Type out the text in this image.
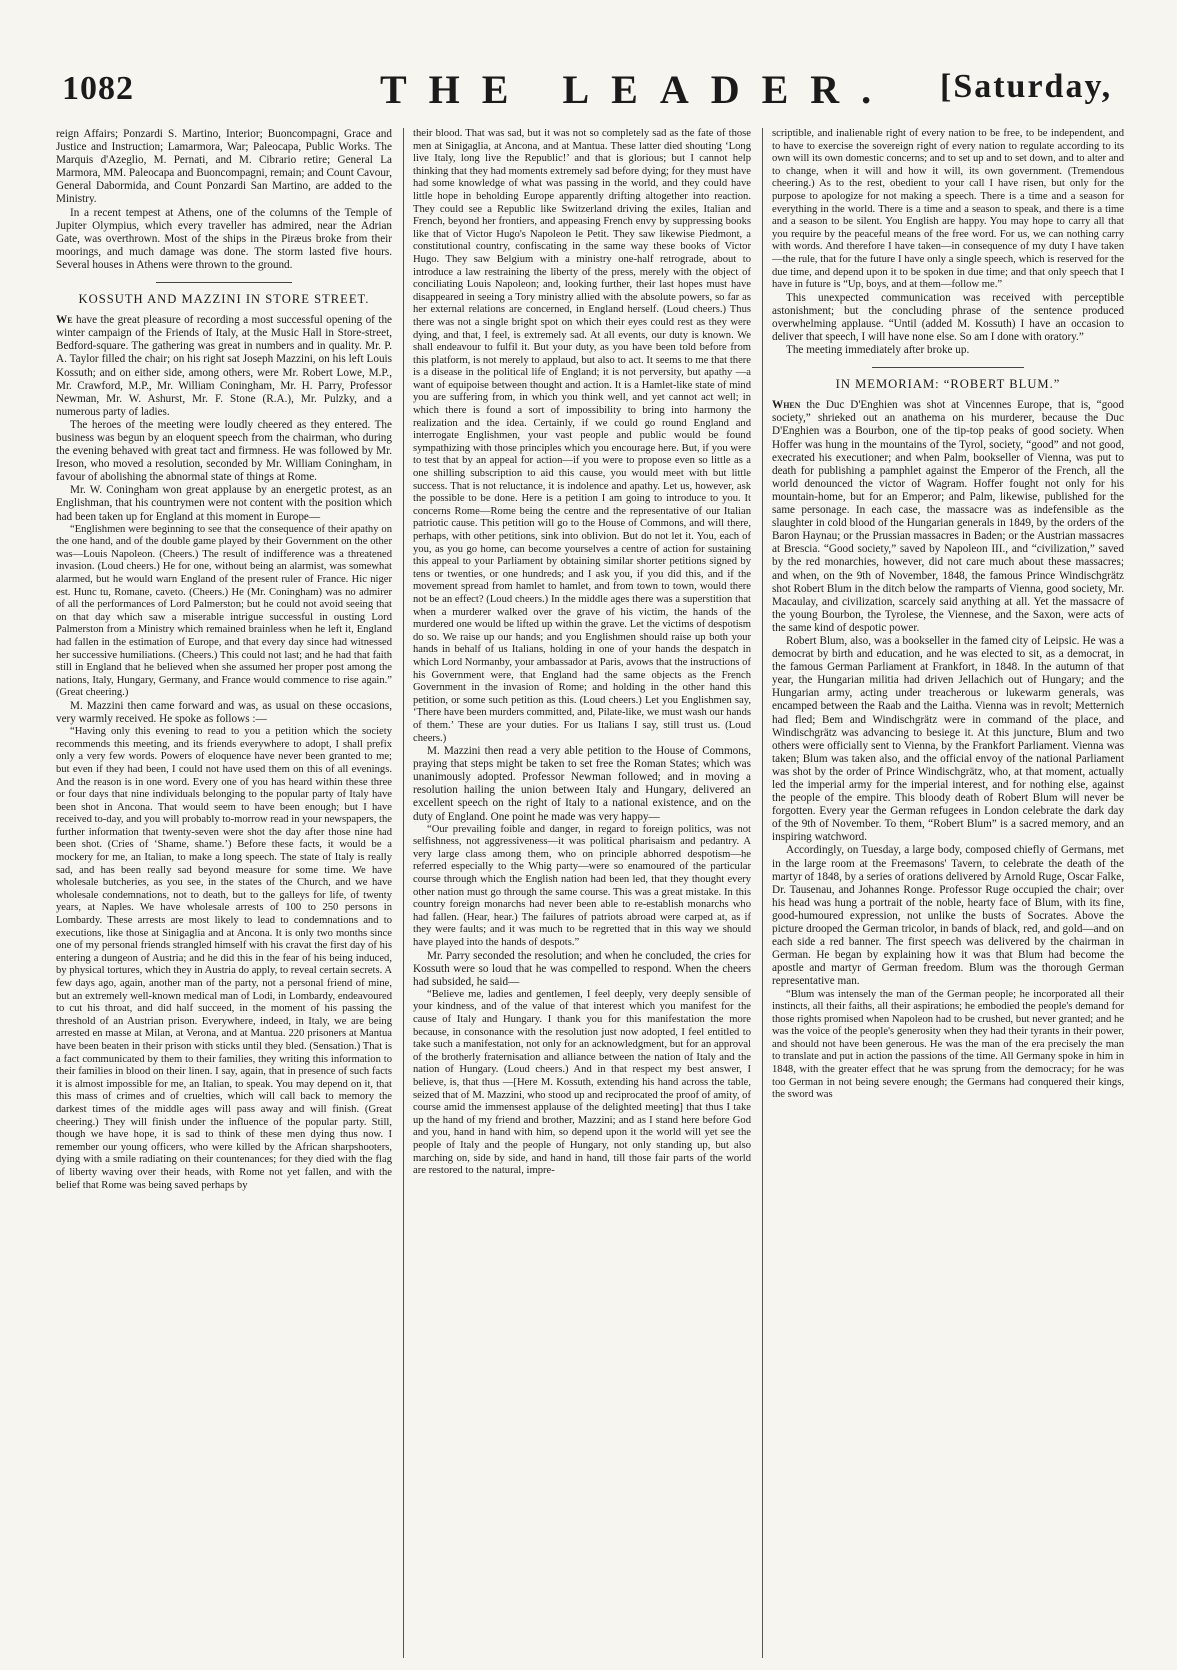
1082	THE LEADER. [Saturday,

reign Affairs; Ponzardi S. Martino, Interior; Buoncompagni, Grace and Justice and Instruction; Lamarmora, War; Paleocapa, Public Works. The Marquis d'Azeglio, M. Pernati, and M. Cibrario retire; General La Marmora, MM. Paleocapa and Buoncompagni, remain; and Count Cavour, General Dabormida, and Count Ponzardi San Martino, are added to the Ministry.

In a recent tempest at Athens, one of the columns of the Temple of Jupiter Olympius, which every traveller has admired, near the Adrian Gate, was overthrown. Most of the ships in the Piræus broke from their moorings, and much damage was done. The storm lasted five hours. Several houses in Athens were thrown to the ground.

KOSSUTH AND MAZZINI IN STORE STREET.

We have the great pleasure of recording a most successful opening of the winter campaign of the Friends of Italy, at the Music Hall in Store-street, Bedford-square. The gathering was great in numbers and in quality. Mr. P. A. Taylor filled the chair; on his right sat Joseph Mazzini, on his left Louis Kossuth; and on either side, among others, were Mr. Robert Lowe, M.P., Mr. Crawford, M.P., Mr. William Coningham, Mr. H. Parry, Professor Newman, Mr. W. Ashurst, Mr. F. Stone (R.A.), Mr. Pulzky, and a numerous party of ladies.

The heroes of the meeting were loudly cheered as they entered. The business was begun by an eloquent speech from the chairman, who during the evening behaved with great tact and firmness. He was followed by Mr. Ireson, who moved a resolution, seconded by Mr. William Coningham, in favour of abolishing the abnormal state of things at Rome.

Mr. W. Coningham won great applause by an energetic protest, as an Englishman, that his countrymen were not content with the position which had been taken up for England at this moment in Europe—

“Englishmen were beginning to see that the consequence of their apathy on the one hand, and of the double game played by their Government on the other was—Louis Napoleon. (Cheers.) The result of indifference was a threatened invasion. (Loud cheers.) He for one, without being an alarmist, was somewhat alarmed, but he would warn England of the present ruler of France. Hic niger est. Hunc tu, Romane, caveto. (Cheers.) He (Mr. Coningham) was no admirer of all the performances of Lord Palmerston; but he could not avoid seeing that on that day which saw a miserable intrigue successful in ousting Lord Palmerston from a Ministry which remained brainless when he left it, England had fallen in the estimation of Europe, and that every day since had witnessed her successive humiliations. (Cheers.) This could not last; and he had that faith still in England that he believed when she assumed her proper post among the nations, Italy, Hungary, Germany, and France would commence to rise again.” (Great cheering.)

M. Mazzini then came forward and was, as usual on these occasions, very warmly received. He spoke as follows :—

“Having only this evening to read to you a petition which the society recommends this meeting, and its friends everywhere to adopt, I shall prefix only a very few words. Powers of eloquence have never been granted to me; but even if they had been, I could not have used them on this of all evenings. And the reason is in one word. Every one of you has heard within these three or four days that nine individuals belonging to the popular party of Italy have been shot in Ancona. That would seem to have been enough; but I have received to-day, and you will probably to-morrow read in your newspapers, the further information that twenty-seven were shot the day after those nine had been shot. (Cries of ‘Shame, shame.’) Before these facts, it would be a mockery for me, an Italian, to make a long speech. The state of Italy is really sad, and has been really sad beyond measure for some time. We have wholesale butcheries, as you see, in the states of the Church, and we have wholesale condemnations, not to death, but to the galleys for life, of twenty years, at Naples. We have wholesale arrests of 100 to 250 persons in Lombardy. These arrests are most likely to lead to condemnations and to executions, like those at Sinigaglia and at Ancona. It is only two months since one of my personal friends strangled himself with his cravat the first day of his entering a dungeon of Austria; and he did this in the fear of his being induced, by physical tortures, which they in Austria do apply, to reveal certain secrets. A few days ago, again, another man of the party, not a personal friend of mine, but an extremely well-known medical man of Lodi, in Lombardy, endeavoured to cut his throat, and did half succeed, in the moment of his passing the threshold of an Austrian prison. Everywhere, indeed, in Italy, we are being arrested en masse at Milan, at Verona, and at Mantua. 220 prisoners at Mantua have been beaten in their prison with sticks until they bled. (Sensation.) That is a fact communicated by them to their families, they writing this information to their families in blood on their linen. I say, again, that in presence of such facts it is almost impossible for me, an Italian, to speak. You may depend on it, that this mass of crimes and of cruelties, which will call back to memory the darkest times of the middle ages will pass away and will finish. (Great cheering.) They will finish under the influence of the popular party. Still, though we have hope, it is sad to think of these men dying thus now. I remember our young officers, who were killed by the African sharpshooters, dying with a smile radiating on their countenances; for they died with the flag of liberty waving over their heads, with Rome not yet fallen, and with the belief that Rome was being saved perhaps by

their blood. That was sad, but it was not so completely sad as the fate of those men at Sinigaglia, at Ancona, and at Mantua. These latter died shouting ‘Long live Italy, long live the Republic!’ and that is glorious; but I cannot help thinking that they had moments extremely sad before dying; for they must have had some knowledge of what was passing in the world, and they could have little hope in beholding Europe apparently drifting altogether into reaction. They could see a Republic like Switzerland driving the exiles, Italian and French, beyond her frontiers, and appeasing French envy by suppressing books like that of Victor Hugo's Napoleon le Petit. They saw likewise Piedmont, a constitutional country, confiscating in the same way these books of Victor Hugo. They saw Belgium with a ministry one-half retrograde, about to introduce a law restraining the liberty of the press, merely with the object of conciliating Louis Napoleon; and, looking further, their last hopes must have disappeared in seeing a Tory ministry allied with the absolute powers, so far as her external relations are concerned, in England herself. (Loud cheers.) Thus there was not a single bright spot on which their eyes could rest as they were dying, and that, I feel, is extremely sad. At all events, our duty is known. We shall endeavour to fulfil it. But your duty, as you have been told before from this platform, is not merely to applaud, but also to act. It seems to me that there is a disease in the political life of England; it is not perversity, but apathy —a want of equipoise between thought and action. It is a Hamlet-like state of mind you are suffering from, in which you think well, and yet cannot act well; in which there is found a sort of impossibility to bring into harmony the realization and the idea. Certainly, if we could go round England and interrogate Englishmen, your vast people and public would be found sympathizing with those principles which you encourage here. But, if you were to test that by an appeal for action—if you were to propose even so little as a one shilling subscription to aid this cause, you would meet with but little success. That is not reluctance, it is indolence and apathy. Let us, however, ask the possible to be done. Here is a petition I am going to introduce to you. It concerns Rome—Rome being the centre and the representative of our Italian patriotic cause. This petition will go to the House of Commons, and will there, perhaps, with other petitions, sink into oblivion. But do not let it. You, each of you, as you go home, can become yourselves a centre of action for sustaining this appeal to your Parliament by obtaining similar shorter petitions signed by tens or twenties, or one hundreds; and I ask you, if you did this, and if the movement spread from hamlet to hamlet, and from town to town, would there not be an effect? (Loud cheers.) In the middle ages there was a superstition that when a murderer walked over the grave of his victim, the hands of the murdered one would be lifted up within the grave. Let the victims of despotism do so. We raise up our hands; and you Englishmen should raise up both your hands in behalf of us Italians, holding in one of your hands the despatch in which Lord Normanby, your ambassador at Paris, avows that the instructions of his Government were, that England had the same objects as the French Government in the invasion of Rome; and holding in the other hand this petition, or some such petition as this. (Loud cheers.) Let you Englishmen say, ‘There have been murders committed, and, Pilate-like, we must wash our hands of them.’ These are your duties. For us Italians I say, still trust us. (Loud cheers.)

M. Mazzini then read a very able petition to the House of Commons, praying that steps might be taken to set free the Roman States; which was unanimously adopted. Professor Newman followed; and in moving a resolution hailing the union between Italy and Hungary, delivered an excellent speech on the right of Italy to a national existence, and on the duty of England. One point he made was very happy—

“Our prevailing foible and danger, in regard to foreign politics, was not selfishness, not aggressiveness—it was political pharisaism and pedantry. A very large class among them, who on principle abhorred despotism—he referred especially to the Whig party—were so enamoured of the particular course through which the English nation had been led, that they thought every other nation must go through the same course. This was a great mistake. In this country foreign monarchs had never been able to re-establish monarchs who had fallen. (Hear, hear.) The failures of patriots abroad were carped at, as if they were faults; and it was much to be regretted that in this way we should have played into the hands of despots.”

Mr. Parry seconded the resolution; and when he concluded, the cries for Kossuth were so loud that he was compelled to respond. When the cheers had subsided, he said—

“Believe me, ladies and gentlemen, I feel deeply, very deeply sensible of your kindness, and of the value of that interest which you manifest for the cause of Italy and Hungary. I thank you for this manifestation the more because, in consonance with the resolution just now adopted, I feel entitled to take such a manifestation, not only for an acknowledgment, but for an approval of the brotherly fraternisation and alliance between the nation of Italy and the nation of Hungary. (Loud cheers.) And in that respect my best answer, I believe, is, that thus —[Here M. Kossuth, extending his hand across the table, seized that of M. Mazzini, who stood up and reciprocated the proof of amity, of course amid the immensest applause of the delighted meeting] that thus I take up the hand of my friend and brother, Mazzini; and as I stand here before God and you, hand in hand with him, so depend upon it the world will yet see the people of Italy and the people of Hungary, not only standing up, but also marching on, side by side, and hand in hand, till those fair parts of the world are restored to the natural, impre-

scriptible, and inalienable right of every nation to be free, to be independent, and to have to exercise the sovereign right of every nation to regulate according to its own will its own domestic concerns; and to set up and to set down, and to alter and to change, when it will and how it will, its own government. (Tremendous cheering.) As to the rest, obedient to your call I have risen, but only for the purpose to apologize for not making a speech. There is a time and a season for everything in the world. There is a time and a season to speak, and there is a time and a season to be silent. You English are happy. You may hope to carry all that you require by the peaceful means of the free word. For us, we can nothing carry with words. And therefore I have taken—in consequence of my duty I have taken—the rule, that for the future I have only a single speech, which is reserved for the due time, and depend upon it to be spoken in due time; and that only speech that I have in future is “Up, boys, and at them—follow me.”

This unexpected communication was received with perceptible astonishment; but the concluding phrase of the sentence produced overwhelming applause. “Until (added M. Kossuth) I have an occasion to deliver that speech, I will have none else. So am I done with oratory.”

The meeting immediately after broke up.

IN MEMORIAM: “ROBERT BLUM.”

When the Duc D'Enghien was shot at Vincennes Europe, that is, “good society,” shrieked out an anathema on his murderer, because the Duc D'Enghien was a Bourbon, one of the tip-top peaks of good society. When Hoffer was hung in the mountains of the Tyrol, society, “good” and not good, execrated his executioner; and when Palm, bookseller of Vienna, was put to death for publishing a pamphlet against the Emperor of the French, all the world denounced the victor of Wagram. Hoffer fought not only for his mountain-home, but for an Emperor; and Palm, likewise, published for the same personage. In each case, the massacre was as indefensible as the slaughter in cold blood of the Hungarian generals in 1849, by the orders of the Baron Haynau; or the Prussian massacres in Baden; or the Austrian massacres at Brescia. “Good society,” saved by Napoleon III., and “civilization,” saved by the red monarchies, however, did not care much about these massacres; and when, on the 9th of November, 1848, the famous Prince Windischgrätz shot Robert Blum in the ditch below the ramparts of Vienna, good society, Mr. Macaulay, and civilization, scarcely said anything at all. Yet the massacre of the young Bourbon, the Tyrolese, the Viennese, and the Saxon, were acts of the same kind of despotic power.

Robert Blum, also, was a bookseller in the famed city of Leipsic. He was a democrat by birth and education, and he was elected to sit, as a democrat, in the famous German Parliament at Frankfort, in 1848. In the autumn of that year, the Hungarian militia had driven Jellachich out of Hungary; and the Hungarian army, acting under treacherous or lukewarm generals, was encamped between the Raab and the Laitha. Vienna was in revolt; Metternich had fled; Bem and Windischgrätz were in command of the place, and Windischgrätz was advancing to besiege it. At this juncture, Blum and two others were officially sent to Vienna, by the Frankfort Parliament. Vienna was taken; Blum was taken also, and the official envoy of the national Parliament was shot by the order of Prince Windischgrätz, who, at that moment, actually led the imperial army for the imperial interest, and for nothing else, against the people of the empire. This bloody death of Robert Blum will never be forgotten. Every year the German refugees in London celebrate the dark day of the 9th of November. To them, “Robert Blum” is a sacred memory, and an inspiring watchword.

Accordingly, on Tuesday, a large body, composed chiefly of Germans, met in the large room at the Freemasons' Tavern, to celebrate the death of the martyr of 1848, by a series of orations delivered by Arnold Ruge, Oscar Falke, Dr. Tausenau, and Johannes Ronge. Professor Ruge occupied the chair; over his head was hung a portrait of the noble, hearty face of Blum, with its fine, good-humoured expression, not unlike the busts of Socrates. Above the picture drooped the German tricolor, in bands of black, red, and gold—and on each side a red banner. The first speech was delivered by the chairman in German. He began by explaining how it was that Blum had become the apostle and martyr of German freedom. Blum was the thorough German representative man.

“Blum was intensely the man of the German people; he incorporated all their instincts, all their faiths, all their aspirations; he embodied the people's demand for those rights promised when Napoleon had to be crushed, but never granted; and he was the voice of the people's generosity when they had their tyrants in their power, and should not have been generous. He was the man of the era precisely the man to translate and put in action the passions of the time. All Germany spoke in him in 1848, with the greater effect that he was sprung from the democracy; for he was too German in not being severe enough; the Germans had conquered their kings, the sword was
